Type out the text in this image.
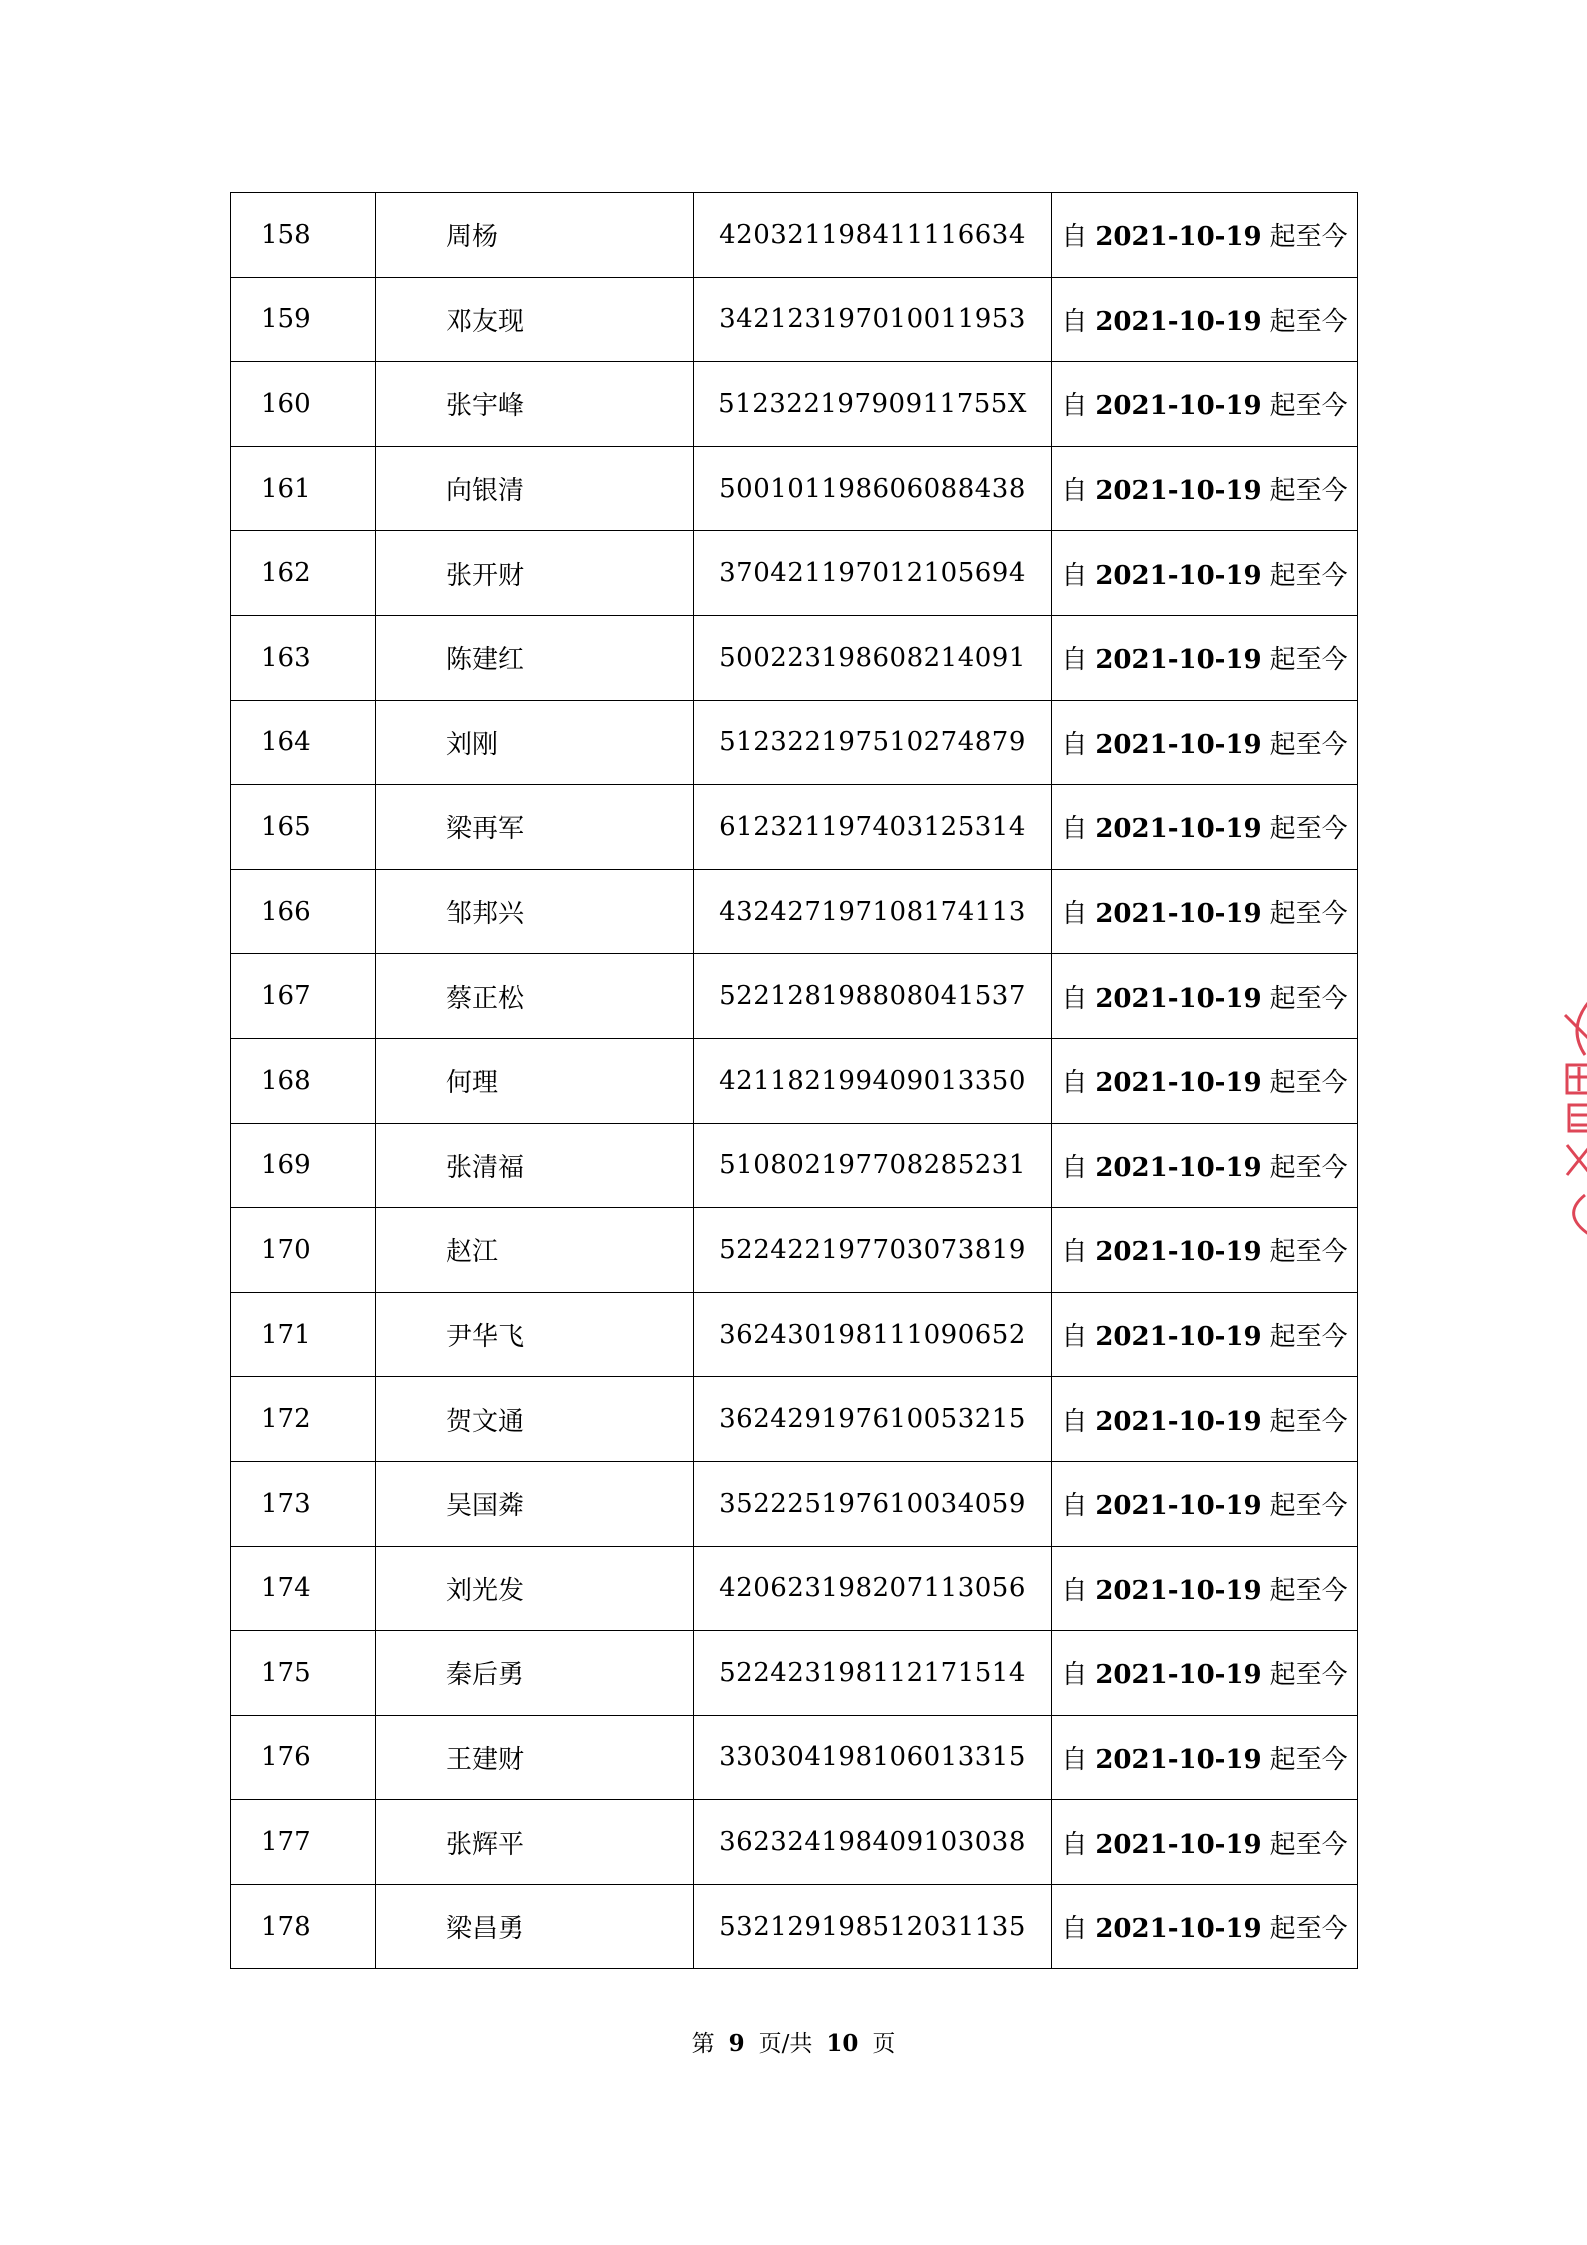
158	周杨	420321198411116634	自 2021-10-19 起至今
159	邓友现	342123197010011953	自 2021-10-19 起至今
160	张宇峰	51232219790911755X	自 2021-10-19 起至今
161	向银清	500101198606088438	自 2021-10-19 起至今
162	张开财	370421197012105694	自 2021-10-19 起至今
163	陈建红	500223198608214091	自 2021-10-19 起至今
164	刘刚	512322197510274879	自 2021-10-19 起至今
165	梁再军	612321197403125314	自 2021-10-19 起至今
166	邹邦兴	432427197108174113	自 2021-10-19 起至今
167	蔡正松	522128198808041537	自 2021-10-19 起至今
168	何理	421182199409013350	自 2021-10-19 起至今
169	张清福	510802197708285231	自 2021-10-19 起至今
170	赵江	522422197703073819	自 2021-10-19 起至今
171	尹华飞	362430198111090652	自 2021-10-19 起至今
172	贺文通	362429197610053215	自 2021-10-19 起至今
173	吴国粦	352225197610034059	自 2021-10-19 起至今
174	刘光发	420623198207113056	自 2021-10-19 起至今
175	秦后勇	522423198112171514	自 2021-10-19 起至今
176	王建财	330304198106013315	自 2021-10-19 起至今
177	张辉平	362324198409103038	自 2021-10-19 起至今
178	梁昌勇	532129198512031135	自 2021-10-19 起至今
第 9 页/共 10 页
